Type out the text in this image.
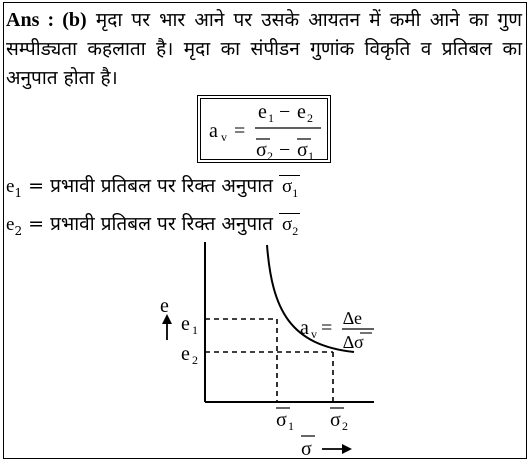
Ans : (b) मृदा पर भार आने पर उसके आयतन में कमी आने का गुण सम्पीड्यता कहलाता है। मृदा का संपीडन गुणांक विकृति व प्रतिबल का अनुपात होता है।
a v =
e 1 − e 2
σ 2 − σ 1
$e_1$ = प्रभावी प्रतिबल पर रिक्त अनुपात $\sigma_1$
$e_2$ = प्रभावी प्रतिबल पर रिक्त अनुपात $\sigma_2$
e
e 1
e 2
σ 1 σ 2
σ
a v = ∆e
∆σ
